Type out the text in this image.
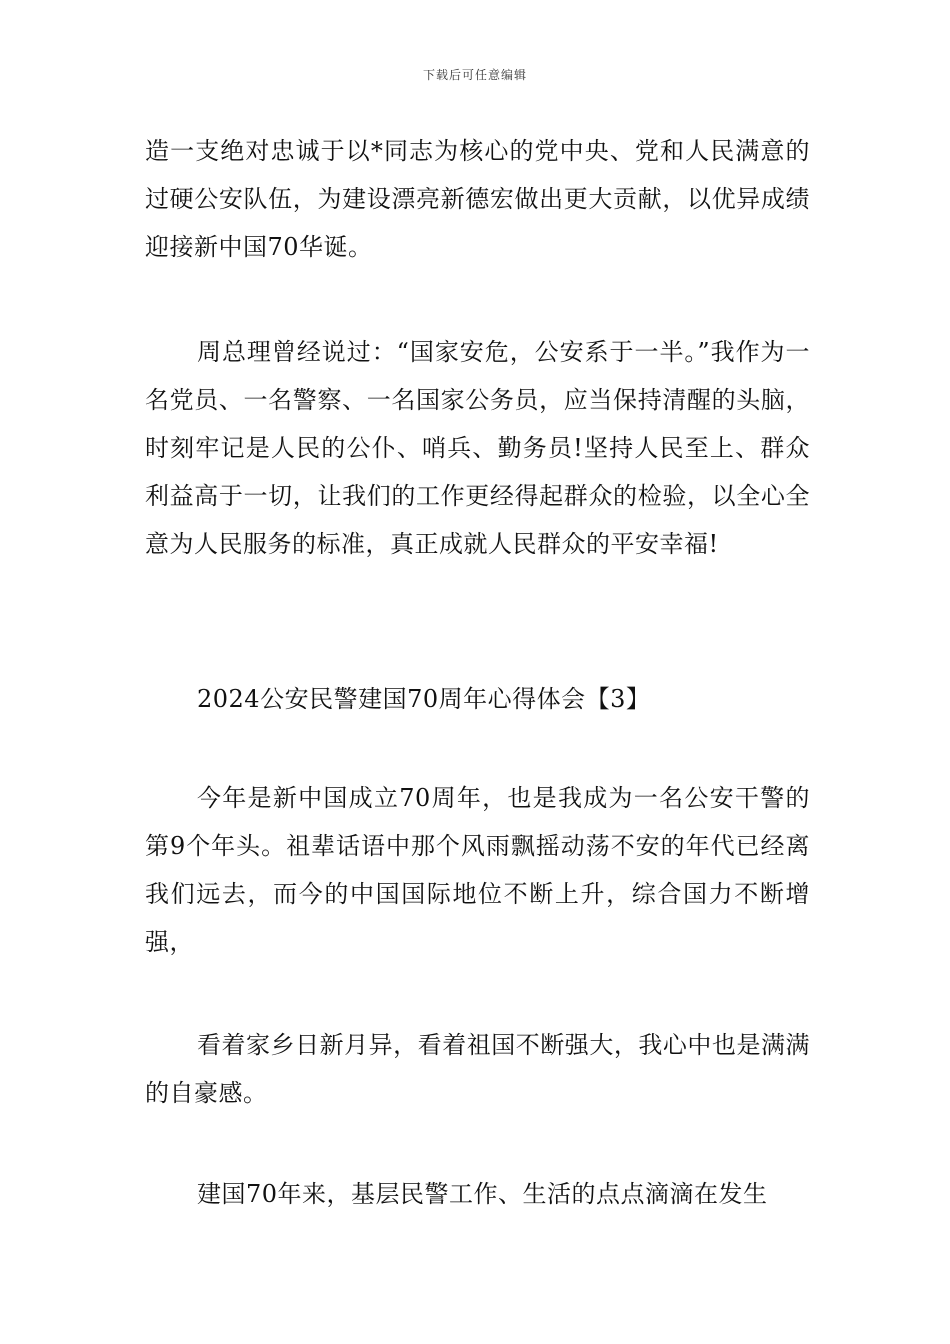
下载后可任意编辑

造一支绝对忠诚于以*同志为核心的党中央、党和人民满意的过硬公安队伍，为建设漂亮新德宏做出更大贡献，以优异成绩迎接新中国70华诞。

周总理曾经说过：“国家安危，公安系于一半。”我作为一名党员、一名警察、一名国家公务员，应当保持清醒的头脑，时刻牢记是人民的公仆、哨兵、勤务员!坚持人民至上、群众利益高于一切，让我们的工作更经得起群众的检验，以全心全意为人民服务的标准，真正成就人民群众的平安幸福!

2024公安民警建国70周年心得体会【3】

今年是新中国成立70周年，也是我成为一名公安干警的第9个年头。祖辈话语中那个风雨飘摇动荡不安的年代已经离我们远去，而今的中国国际地位不断上升，综合国力不断增强，

看着家乡日新月异，看着祖国不断强大，我心中也是满满的自豪感。

建国70年来，基层民警工作、生活的点点滴滴在发生
